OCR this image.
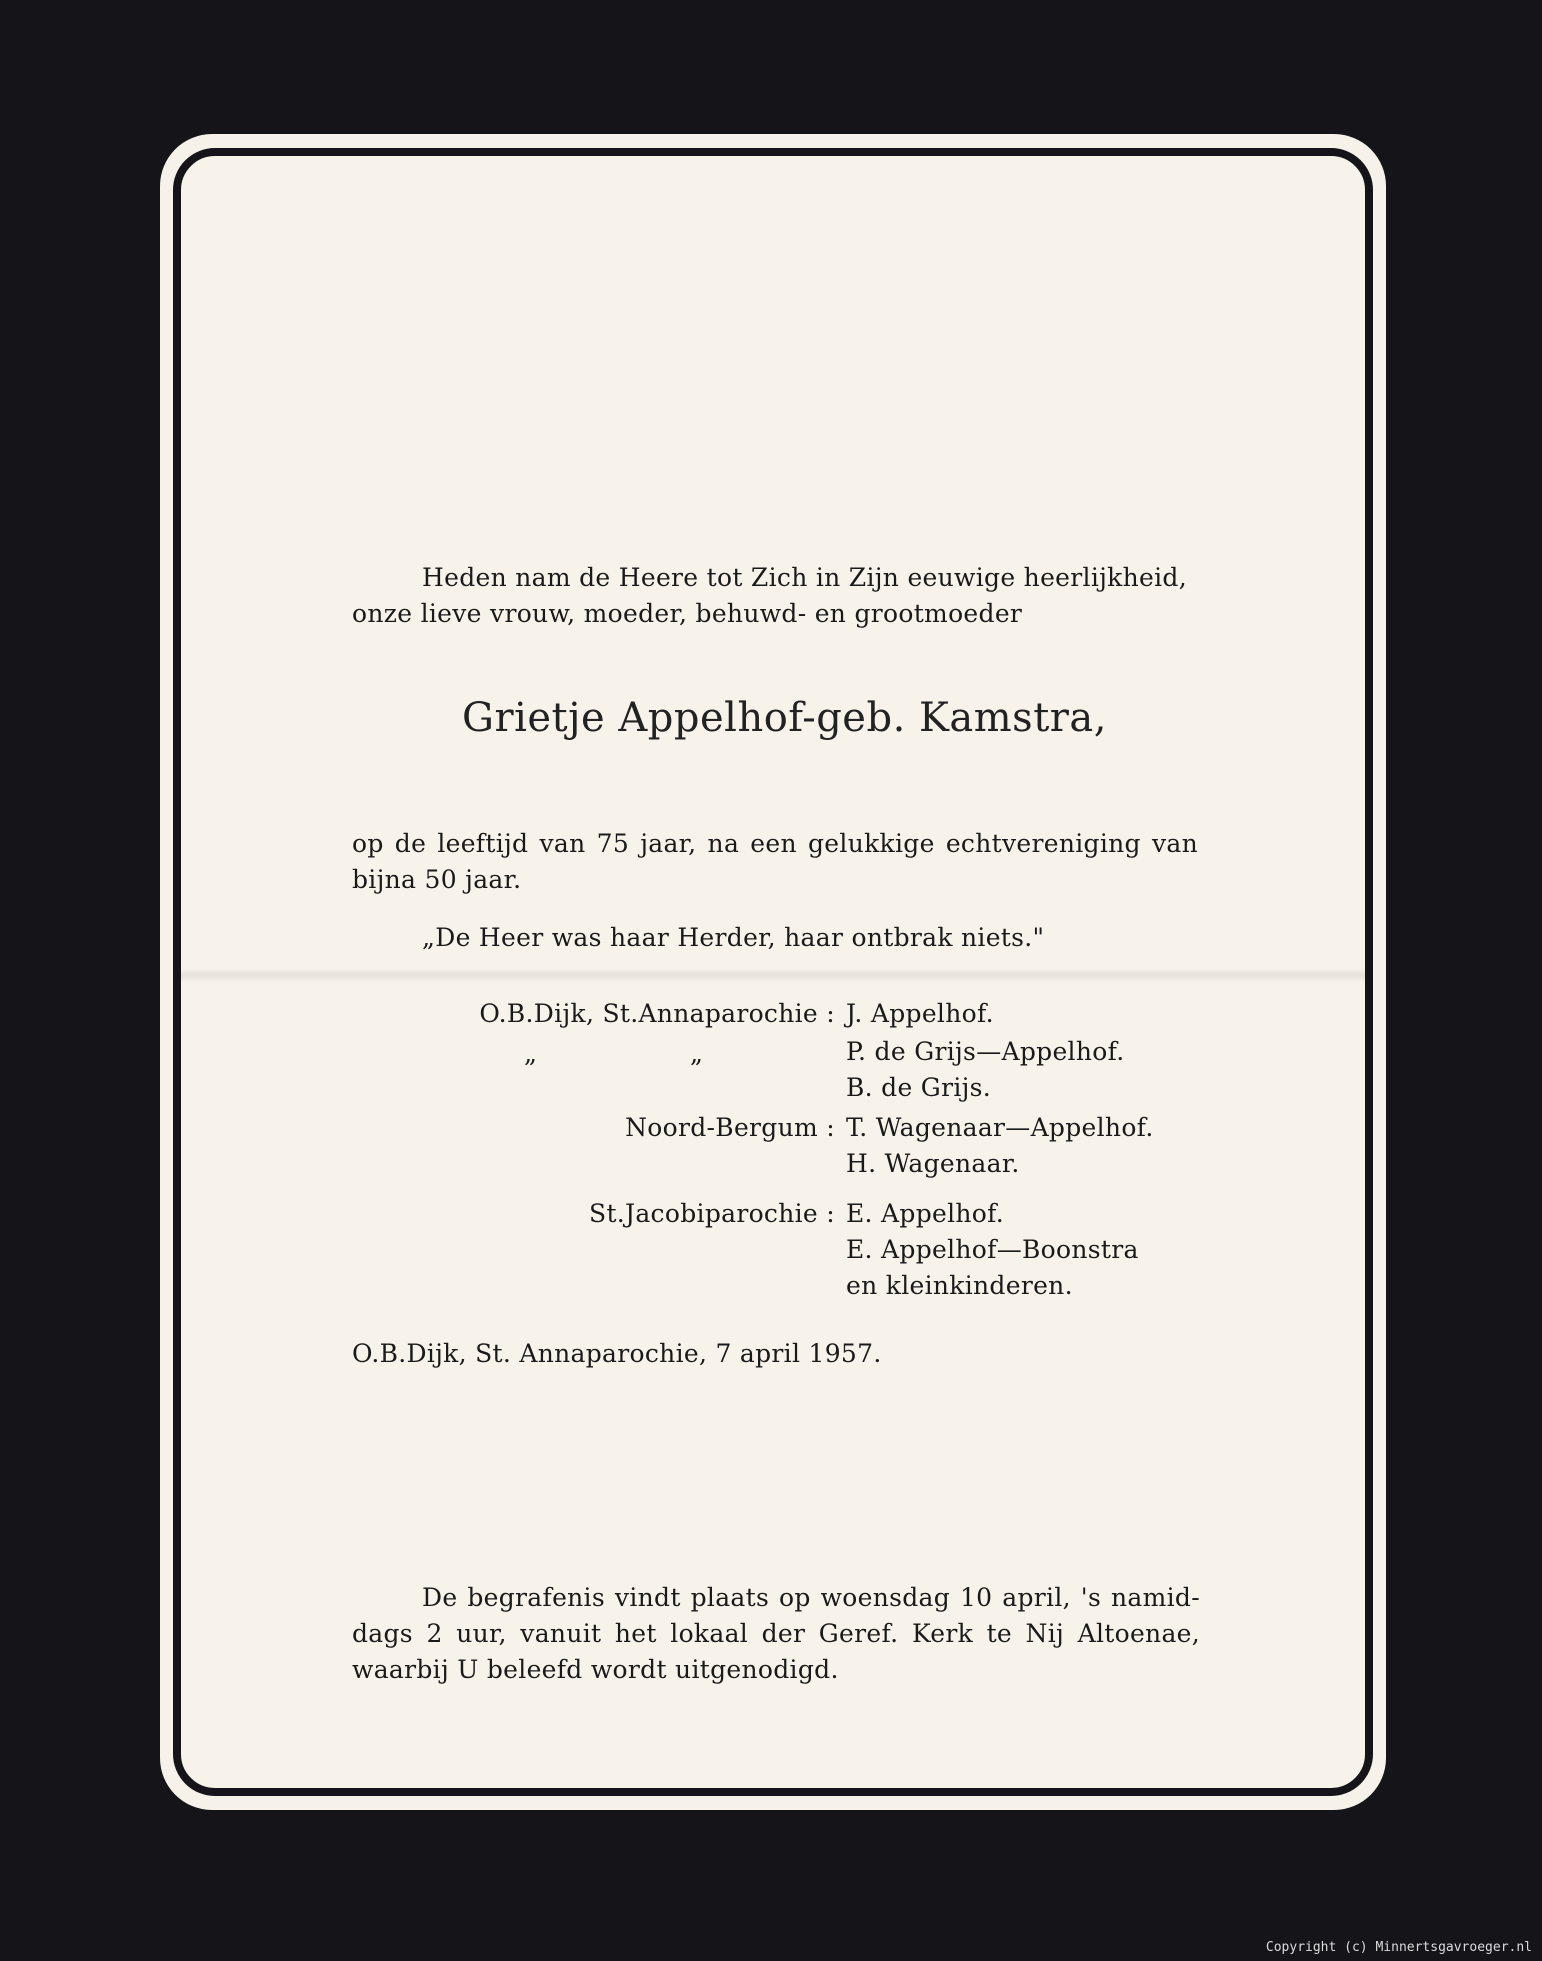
Heden nam de Heere tot Zich in Zijn eeuwige heerlijkheid,
onze lieve vrouw, moeder, behuwd- en grootmoeder
Grietje Appelhof-geb. Kamstra,
op de leeftijd van 75 jaar, na een gelukkige echtvereniging van
bijna 50 jaar.
„De Heer was haar Herder, haar ontbrak niets."
O.B.Dijk, St.Annaparochie :
„	„
Noord-Bergum :
St.Jacobiparochie :
J. Appelhof.
P. de Grijs—Appelhof.
B. de Grijs.
T. Wagenaar—Appelhof.
H. Wagenaar.
E. Appelhof.
E. Appelhof—Boonstra
en kleinkinderen.
O.B.Dijk, St. Annaparochie, 7 april 1957.
De begrafenis vindt plaats op woensdag 10 april, 's namid-
dags 2 uur, vanuit het lokaal der Geref. Kerk te Nij Altoenae,
waarbij U beleefd wordt uitgenodigd.
Copyright (c) Minnertsgavroeger.nl
